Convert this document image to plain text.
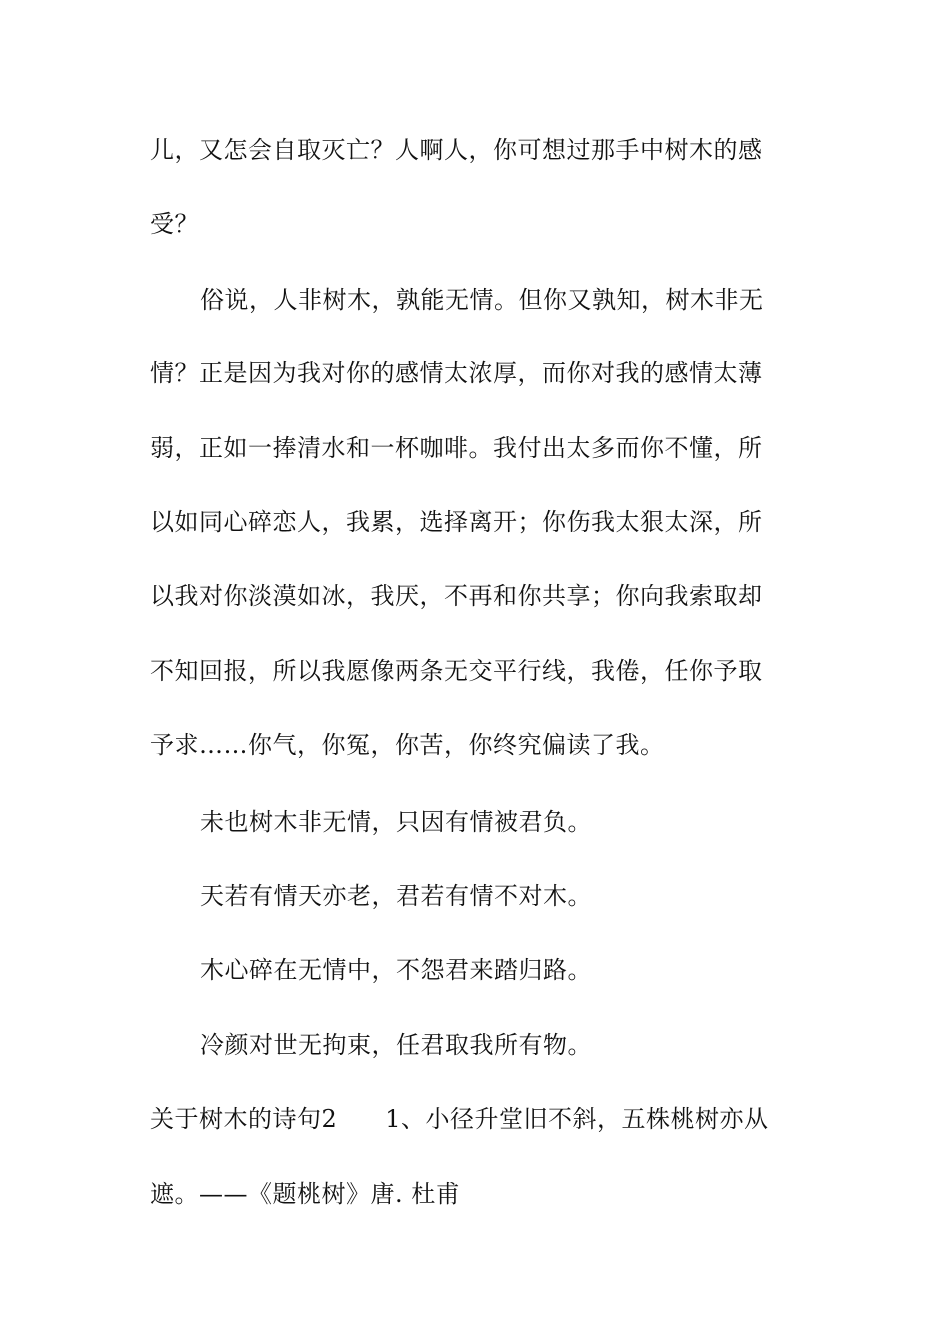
儿，又怎会自取灭亡？人啊人，你可想过那手中树木的感
受？
俗说，人非树木，孰能无情。但你又孰知，树木非无
情？正是因为我对你的感情太浓厚，而你对我的感情太薄
弱，正如一捧清水和一杯咖啡。我付出太多而你不懂，所
以如同心碎恋人，我累，选择离开；你伤我太狠太深，所
以我对你淡漠如冰，我厌，不再和你共享；你向我索取却
不知回报，所以我愿像两条无交平行线，我倦，任你予取
予求……你气，你冤，你苦，你终究偏读了我。
未也树木非无情，只因有情被君负。
天若有情天亦老，君若有情不对木。
木心碎在无情中，不怨君来踏归路。
冷颜对世无拘束，任君取我所有物。
关于树木的诗句2 1、小径升堂旧不斜，五株桃树亦从
遮。——《题桃树》唐. 杜甫
